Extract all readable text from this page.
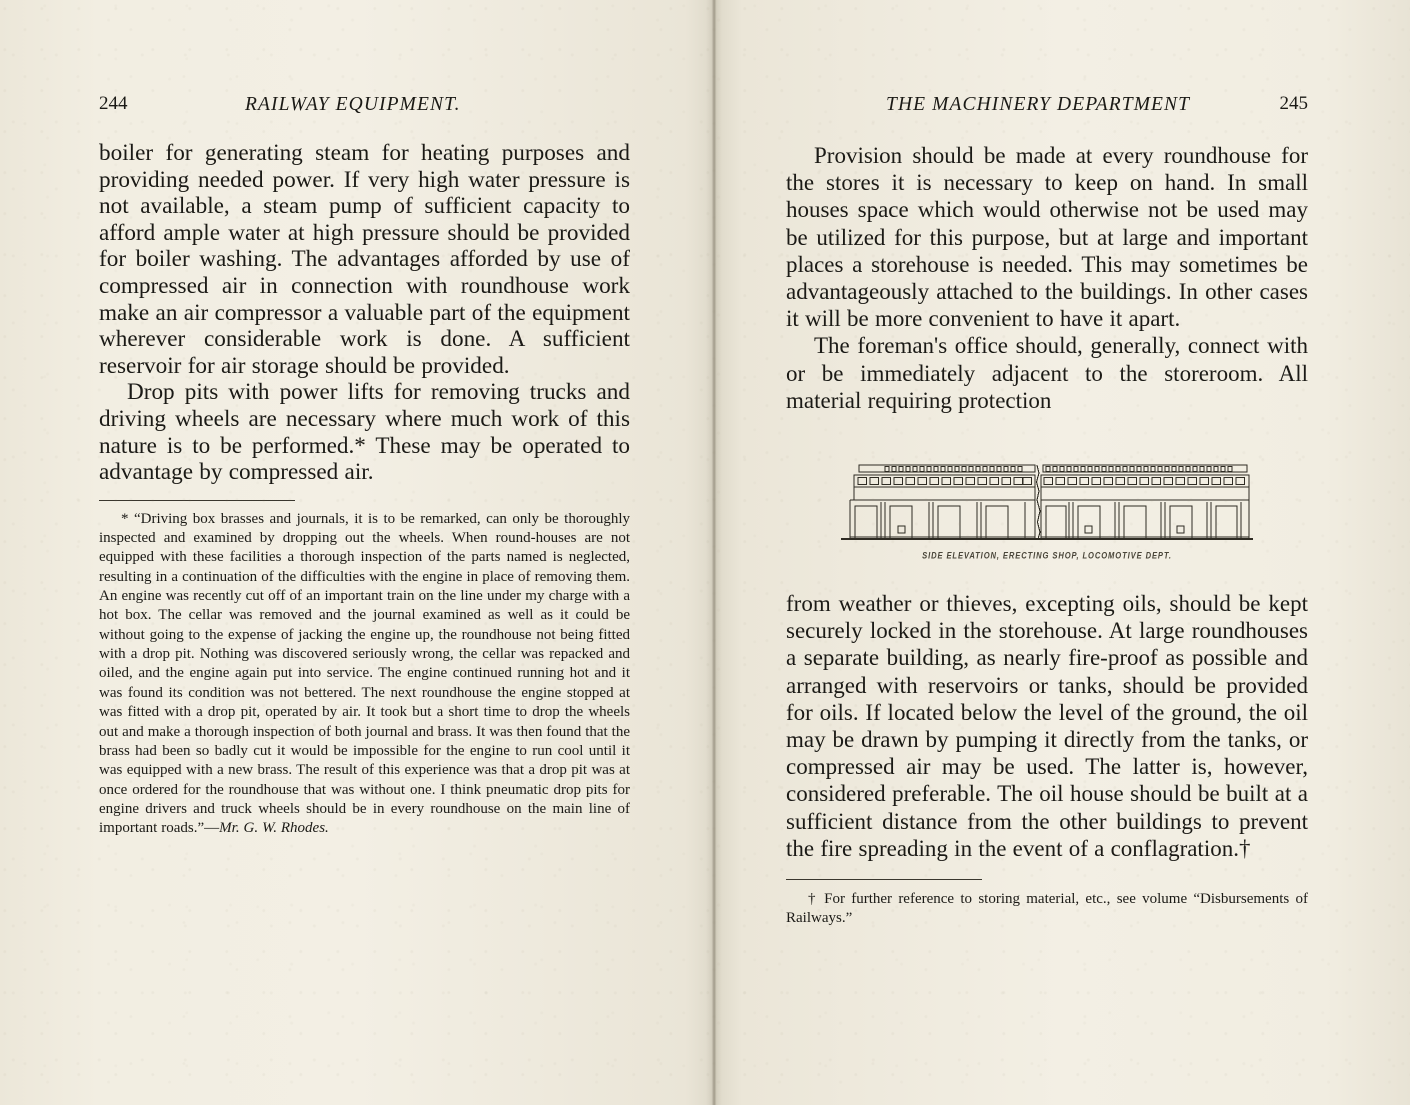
244	RAILWAY EQUIPMENT.

boiler for generating steam for heating purposes and providing needed power. If very high water pressure is not available, a steam pump of sufficient capacity to afford ample water at high pressure should be provided for boiler washing. The advantages afforded by use of compressed air in connection with roundhouse work make an air compressor a valuable part of the equipment wherever considerable work is done. A sufficient reservoir for air storage should be provided.

Drop pits with power lifts for removing trucks and driving wheels are necessary where much work of this nature is to be performed.* These may be operated to advantage by compressed air.

* “Driving box brasses and journals, it is to be remarked, can only be thoroughly inspected and examined by dropping out the wheels. When round-houses are not equipped with these facilities a thorough inspection of the parts named is neglected, resulting in a continuation of the difficulties with the engine in place of removing them. An engine was recently cut off of an important train on the line under my charge with a hot box. The cellar was removed and the journal examined as well as it could be without going to the expense of jacking the engine up, the roundhouse not being fitted with a drop pit. Nothing was discovered seriously wrong, the cellar was repacked and oiled, and the engine again put into service. The engine continued running hot and it was found its condition was not bettered. The next roundhouse the engine stopped at was fitted with a drop pit, operated by air. It took but a short time to drop the wheels out and make a thorough inspection of both journal and brass. It was then found that the brass had been so badly cut it would be impossible for the engine to run cool until it was equipped with a new brass. The result of this experience was that a drop pit was at once ordered for the roundhouse that was without one. I think pneumatic drop pits for engine drivers and truck wheels should be in every roundhouse on the main line of important roads.”—Mr. G. W. Rhodes.

THE MACHINERY DEPARTMENT	245

Provision should be made at every roundhouse for the stores it is necessary to keep on hand. In small houses space which would otherwise not be used may be utilized for this purpose, but at large and important places a storehouse is needed. This may sometimes be advantageously attached to the buildings. In other cases it will be more convenient to have it apart.

The foreman's office should, generally, connect with or be immediately adjacent to the storeroom. All material requiring protection

SIDE ELEVATION, ERECTING SHOP, LOCOMOTIVE DEPT.

from weather or thieves, excepting oils, should be kept securely locked in the storehouse. At large roundhouses a separate building, as nearly fire-proof as possible and arranged with reservoirs or tanks, should be provided for oils. If located below the level of the ground, the oil may be drawn by pumping it directly from the tanks, or compressed air may be used. The latter is, however, considered preferable. The oil house should be built at a sufficient distance from the other buildings to prevent the fire spreading in the event of a conflagration.†

† For further reference to storing material, etc., see volume “Disbursements of Railways.”
